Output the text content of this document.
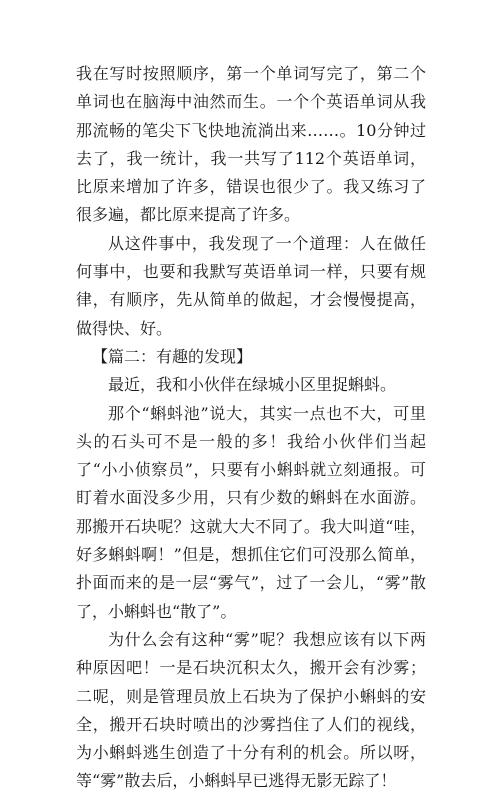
我在写时按照顺序，第一个单词写完了，第二个单词也在脑海中油然而生。一个个英语单词从我那流畅的笔尖下飞快地流淌出来……。10分钟过去了，我一统计，我一共写了112个英语单词，比原来增加了许多，错误也很少了。我又练习了很多遍，都比原来提高了许多。

从这件事中，我发现了一个道理：人在做任何事中，也要和我默写英语单词一样，只要有规律，有顺序，先从简单的做起，才会慢慢提高，做得快、好。

【篇二：有趣的发现】

最近，我和小伙伴在绿城小区里捉蝌蚪。

那个“蝌蚪池”说大，其实一点也不大，可里头的石头可不是一般的多！我给小伙伴们当起了“小小侦察员”，只要有小蝌蚪就立刻通报。可盯着水面没多少用，只有少数的蝌蚪在水面游。那搬开石块呢？这就大大不同了。我大叫道“哇，好多蝌蚪啊！”但是，想抓住它们可没那么简单，扑面而来的是一层“雾气”，过了一会儿，“雾”散了，小蝌蚪也“散了”。

为什么会有这种“雾”呢？我想应该有以下两种原因吧！一是石块沉积太久，搬开会有沙雾；二呢，则是管理员放上石块为了保护小蝌蚪的安全，搬开石块时喷出的沙雾挡住了人们的视线，为小蝌蚪逃生创造了十分有利的机会。所以呀，等“雾”散去后，小蝌蚪早已逃得无影无踪了！
